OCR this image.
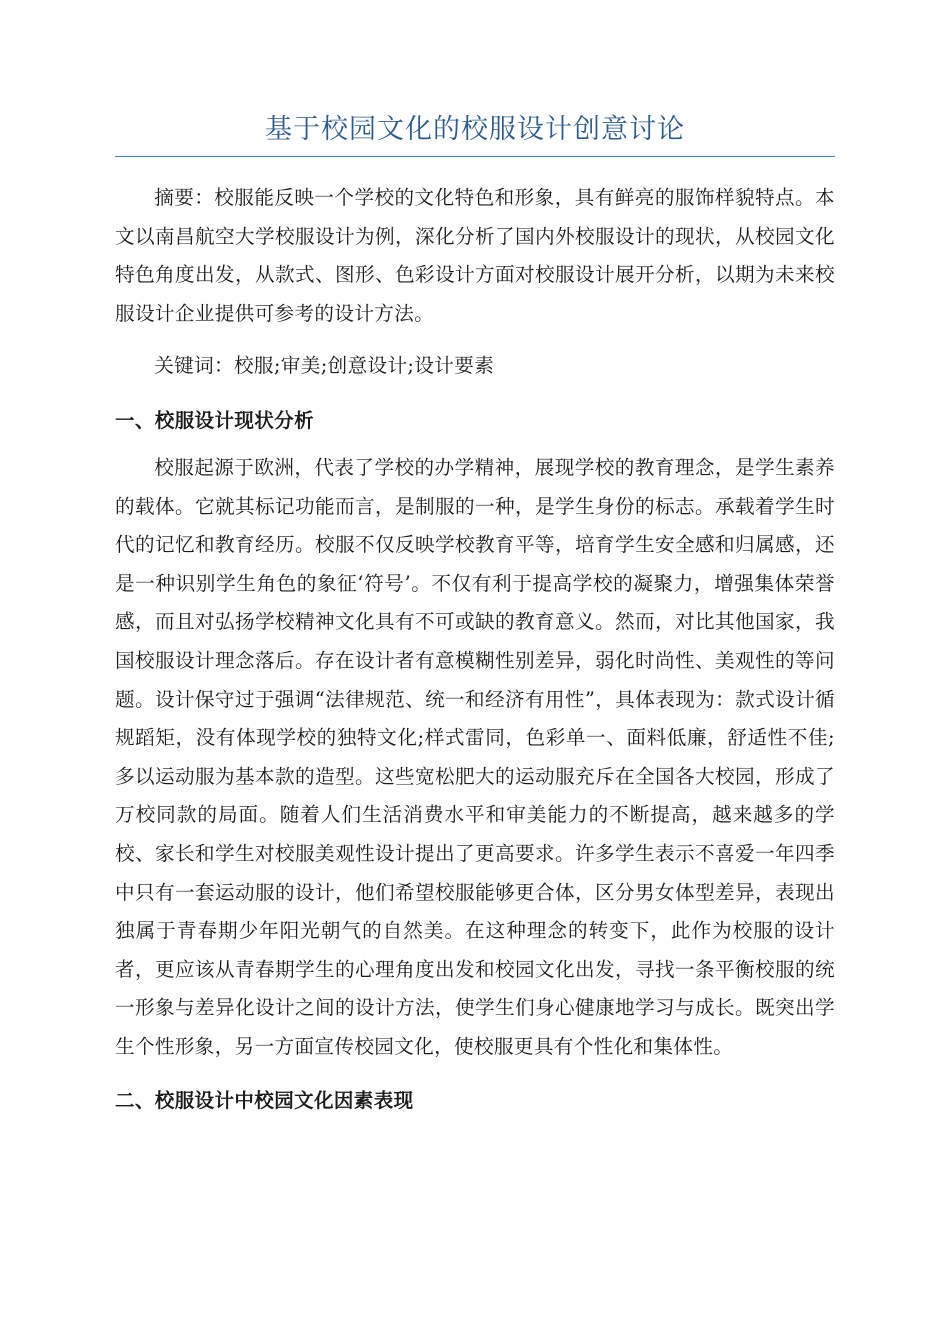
基于校园文化的校服设计创意讨论

摘要：校服能反映一个学校的文化特色和形象，具有鲜亮的服饰样貌特点。本文以南昌航空大学校服设计为例，深化分析了国内外校服设计的现状，从校园文化特色角度出发，从款式、图形、色彩设计方面对校服设计展开分析，以期为未来校服设计企业提供可参考的设计方法。

关键词：校服;审美;创意设计;设计要素

一、校服设计现状分析

校服起源于欧洲，代表了学校的办学精神，展现学校的教育理念，是学生素养的载体。它就其标记功能而言，是制服的一种，是学生身份的标志。承载着学生时代的记忆和教育经历。校服不仅反映学校教育平等，培育学生安全感和归属感，还是一种识别学生角色的象征‘符号’。不仅有利于提高学校的凝聚力，增强集体荣誉感，而且对弘扬学校精神文化具有不可或缺的教育意义。然而，对比其他国家，我国校服设计理念落后。存在设计者有意模糊性别差异，弱化时尚性、美观性的等问题。设计保守过于强调“法律规范、统一和经济有用性”，具体表现为：款式设计循规蹈矩，没有体现学校的独特文化;样式雷同，色彩单一、面料低廉，舒适性不佳;多以运动服为基本款的造型。这些宽松肥大的运动服充斥在全国各大校园，形成了万校同款的局面。随着人们生活消费水平和审美能力的不断提高，越来越多的学校、家长和学生对校服美观性设计提出了更高要求。许多学生表示不喜爱一年四季中只有一套运动服的设计，他们希望校服能够更合体，区分男女体型差异，表现出独属于青春期少年阳光朝气的自然美。在这种理念的转变下，此作为校服的设计者，更应该从青春期学生的心理角度出发和校园文化出发，寻找一条平衡校服的统一形象与差异化设计之间的设计方法，使学生们身心健康地学习与成长。既突出学生个性形象，另一方面宣传校园文化，使校服更具有个性化和集体性。

二、校服设计中校园文化因素表现
